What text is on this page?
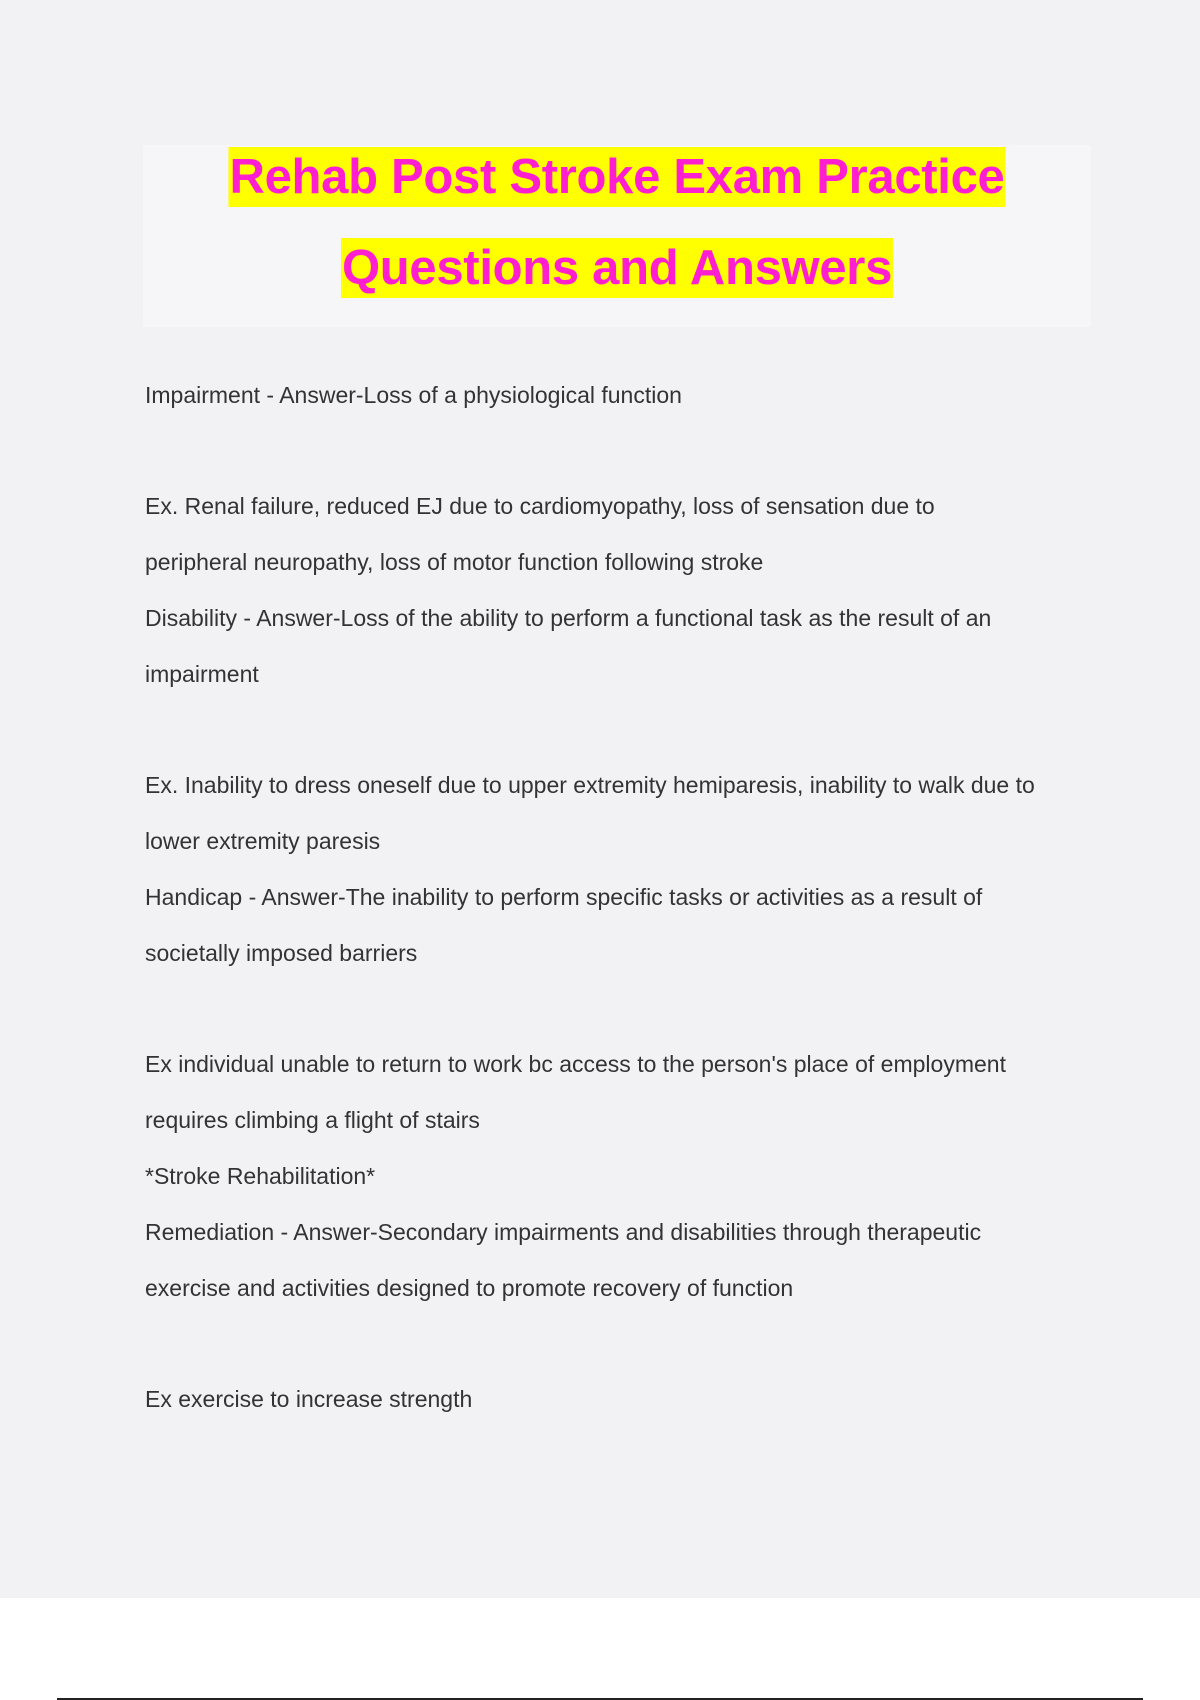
Rehab Post Stroke Exam Practice
Questions and Answers
Impairment - Answer-Loss of a physiological function
Ex. Renal failure, reduced EJ due to cardiomyopathy, loss of sensation due to
peripheral neuropathy, loss of motor function following stroke
Disability - Answer-Loss of the ability to perform a functional task as the result of an
impairment
Ex. Inability to dress oneself due to upper extremity hemiparesis, inability to walk due to
lower extremity paresis
Handicap - Answer-The inability to perform specific tasks or activities as a result of
societally imposed barriers
Ex individual unable to return to work bc access to the person's place of employment
requires climbing a flight of stairs
*Stroke Rehabilitation*
Remediation - Answer-Secondary impairments and disabilities through therapeutic
exercise and activities designed to promote recovery of function
Ex exercise to increase strength
